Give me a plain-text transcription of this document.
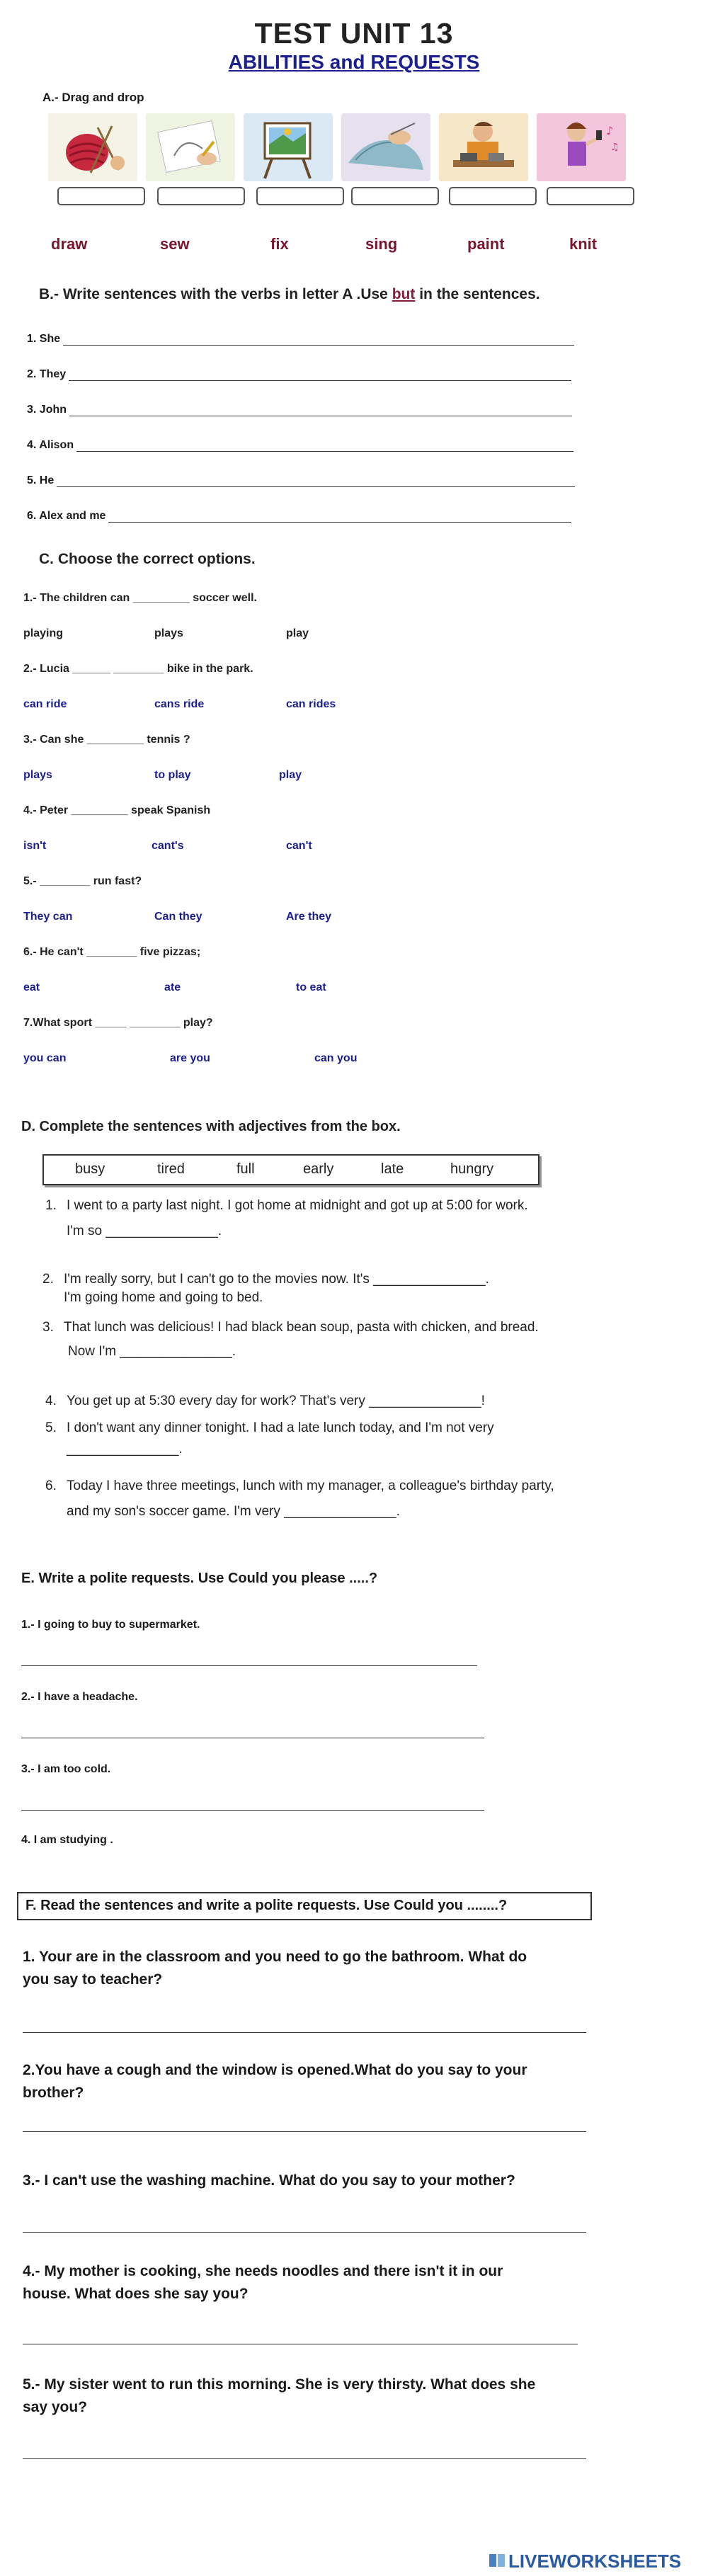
TEST UNIT 13
ABILITIES and REQUESTS
A.- Drag and drop
♪
♫
draw	sew	fix	sing	paint	knit
B.- Write sentences with the verbs in letter A .Use but in the sentences.
1. She
2. They
3. John
4. Alison
5. He
6. Alex and me
C. Choose the correct options.
1.- The children can _________ soccer well.
playing	plays	play
2.- Lucia ______ ________ bike in the park.
can ride	cans ride	can rides
3.- Can she _________ tennis ?
plays	to play	play
4.- Peter _________ speak Spanish
isn't	cant's	can't
5.- ________ run fast?
They can	Can they	Are they
6.- He can't ________ five pizzas;
eat	ate	to eat
7.What sport _____ ________ play?
you can	are you	can you
D. Complete the sentences with adjectives from the box.
busy	tired	full	early	late	hungry
1. I went to a party last night. I got home at midnight and got up at 5:00 for work.
I'm so _______________.
2. I'm really sorry, but I can't go to the movies now. It's _______________.
I'm going home and going to bed.
3. That lunch was delicious! I had black bean soup, pasta with chicken, and bread.
Now I'm _______________.
4. You get up at 5:30 every day for work? That's very _______________!
5. I don't want any dinner tonight. I had a late lunch today, and I'm not very
_______________.
6. Today I have three meetings, lunch with my manager, a colleague's birthday party,
and my son's soccer game. I'm very _______________.
E. Write a polite requests. Use Could you please .....?
1.- I going to buy to supermarket.
2.- I have a headache.
3.- I am too cold.
4. I am studying .
F. Read the sentences and write a polite requests. Use Could you ........?
1. Your are in the classroom and you need to go the bathroom. What do
you say to teacher?
2.You have a cough and the window is opened.What do you say to your
brother?
3.- I can't use the washing machine. What do you say to your mother?
4.- My mother is cooking, she needs noodles and there isn't it in our
house. What does she say you?
5.- My sister went to run this morning. She is very thirsty. What does she
say you?
LIVEWORKSHEETS
